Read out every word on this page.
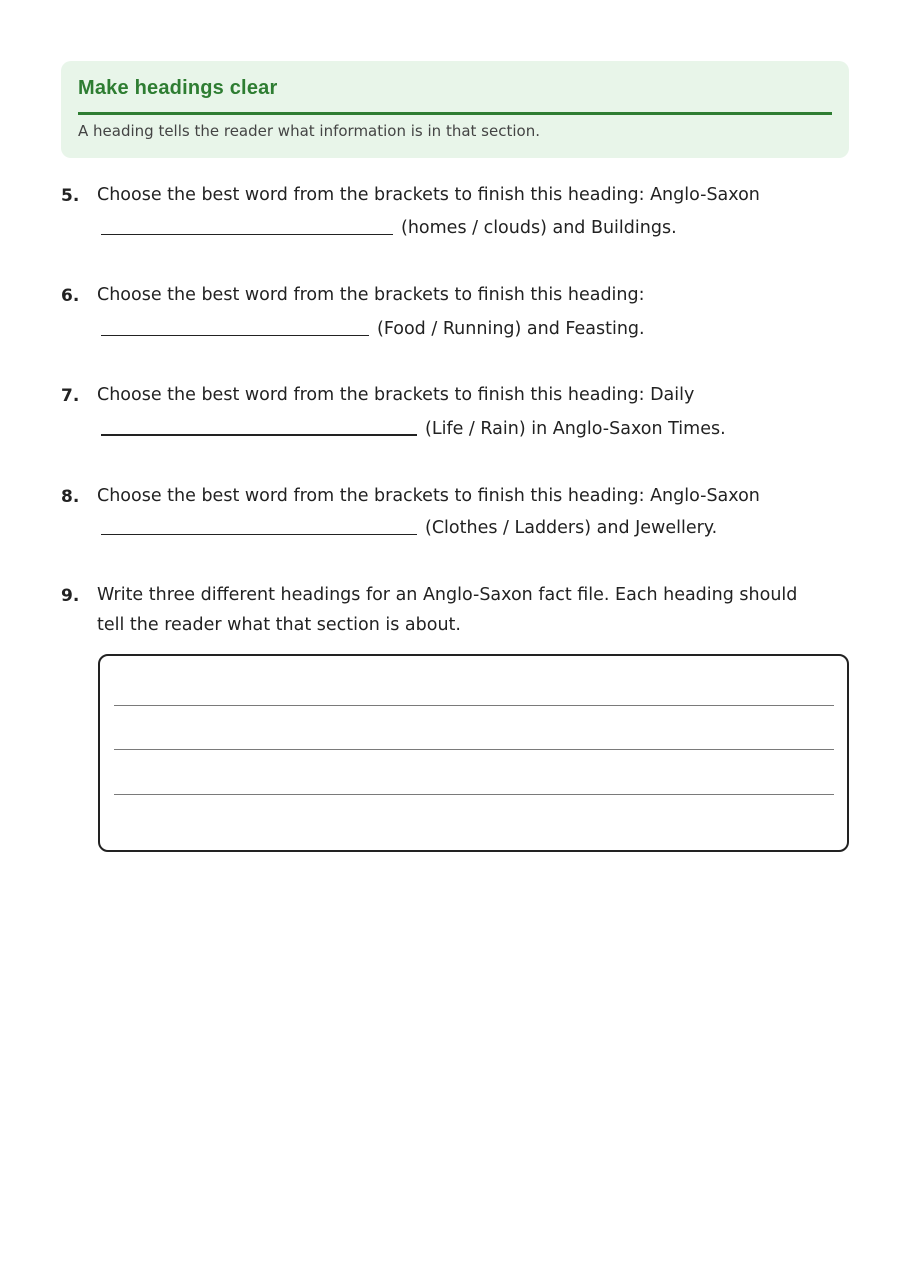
Make headings clear
A heading tells the reader what information is in that section.
5. Choose the best word from the brackets to finish this heading: Anglo-Saxon
(homes / clouds) and Buildings.
6. Choose the best word from the brackets to finish this heading:
(Food / Running) and Feasting.
7. Choose the best word from the brackets to finish this heading: Daily
(Life / Rain) in Anglo-Saxon Times.
8. Choose the best word from the brackets to finish this heading: Anglo-Saxon
(Clothes / Ladders) and Jewellery.
9. Write three different headings for an Anglo-Saxon fact file. Each heading should
tell the reader what that section is about.
